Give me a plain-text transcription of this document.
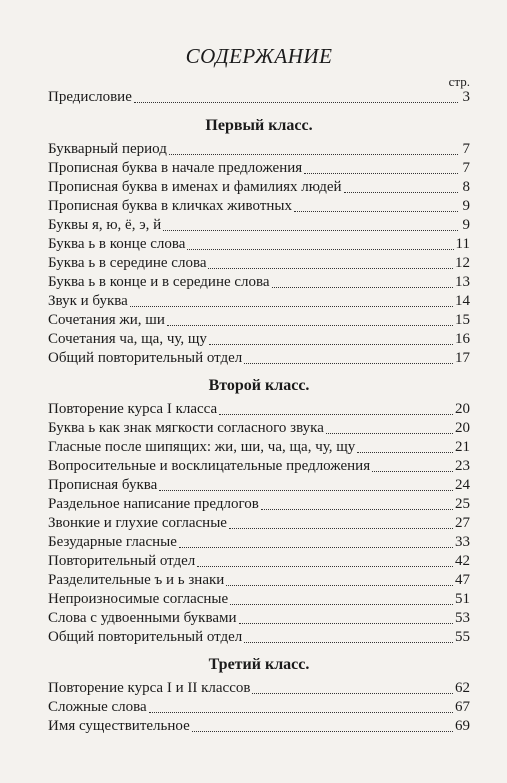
СОДЕРЖАНИЕ
стр.
Предисловие	3
Первый класс.
Букварный период	7
Прописная буква в начале предложения	7
Прописная буква в именах и фамилиях людей	8
Прописная буква в кличках животных	9
Буквы я, ю, ё, э, й	9
Буква ь в конце слова	11
Буква ь в середине слова	12
Буква ь в конце и в середине слова	13
Звук и буква	14
Сочетания жи, ши	15
Сочетания ча, ща, чу, щу	16
Общий повторительный отдел	17
Второй класс.
Повторение курса I класса	20
Буква ь как знак мягкости согласного звука	20
Гласные после шипящих: жи, ши, ча, ща, чу, щу	21
Вопросительные и восклицательные предложения	23
Прописная буква	24
Раздельное написание предлогов	25
Звонкие и глухие согласные	27
Безударные гласные	33
Повторительный отдел	42
Разделительные ъ и ь знаки	47
Непроизносимые согласные	51
Слова с удвоенными буквами	53
Общий повторительный отдел	55
Третий класс.
Повторение курса I и II классов	62
Сложные слова	67
Имя существительное	69
